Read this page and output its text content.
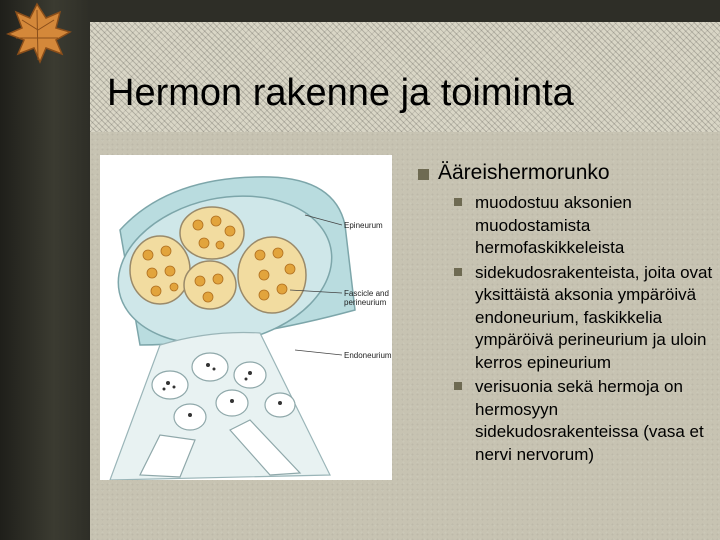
Hermon rakenne ja toiminta
Epineurum
Fascicle and
perineurium
Endoneurium
Ääreishermorunko
muodostuu aksonien muodostamista hermofaskikkeleista
sidekudosrakenteista, joita ovat yksittäistä aksonia ympäröivä endoneurium, faskikkelia ympäröivä perineurium ja uloin kerros epineurium
verisuonia sekä hermoja on hermosyyn sidekudosrakenteissa (vasa et nervi nervorum)
